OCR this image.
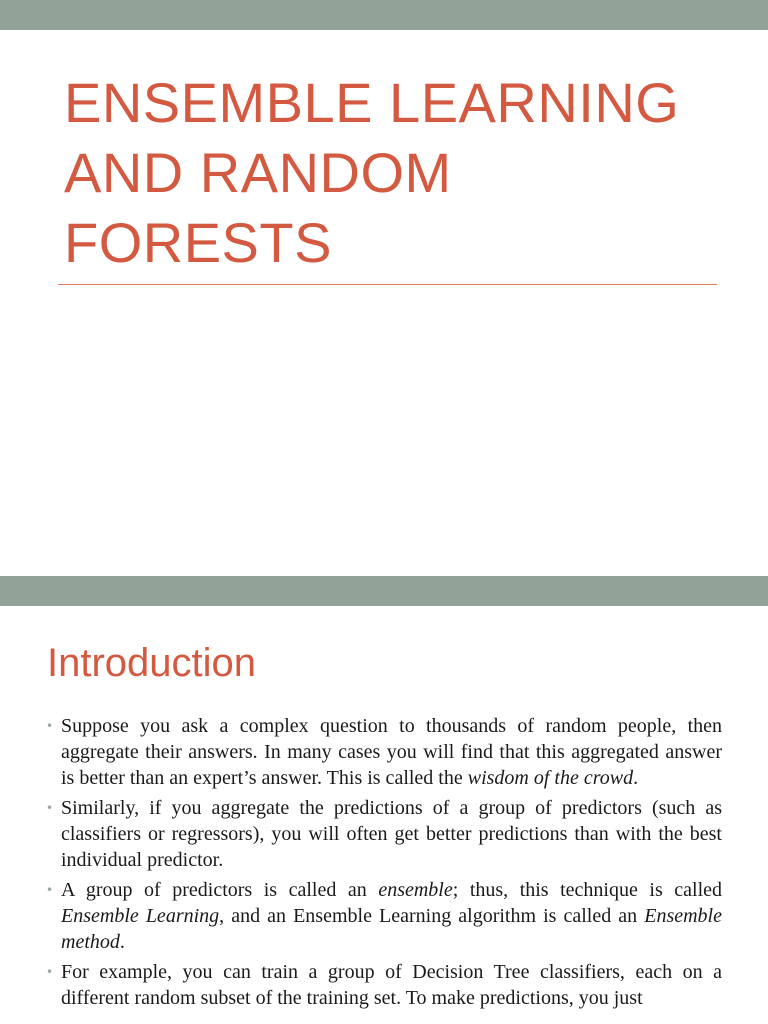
ENSEMBLE LEARNING AND RANDOM FORESTS
Introduction
• Suppose you ask a complex question to thousands of random people, then aggregate their answers. In many cases you will find that this aggregated answer is better than an expert’s answer. This is called the wisdom of the crowd.
• Similarly, if you aggregate the predictions of a group of predictors (such as classifiers or regressors), you will often get better predictions than with the best individual predictor.
• A group of predictors is called an ensemble; thus, this technique is called Ensemble Learning, and an Ensemble Learning algorithm is called an Ensemble method.
• For example, you can train a group of Decision Tree classifiers, each on a different random subset of the training set. To make predictions, you just
